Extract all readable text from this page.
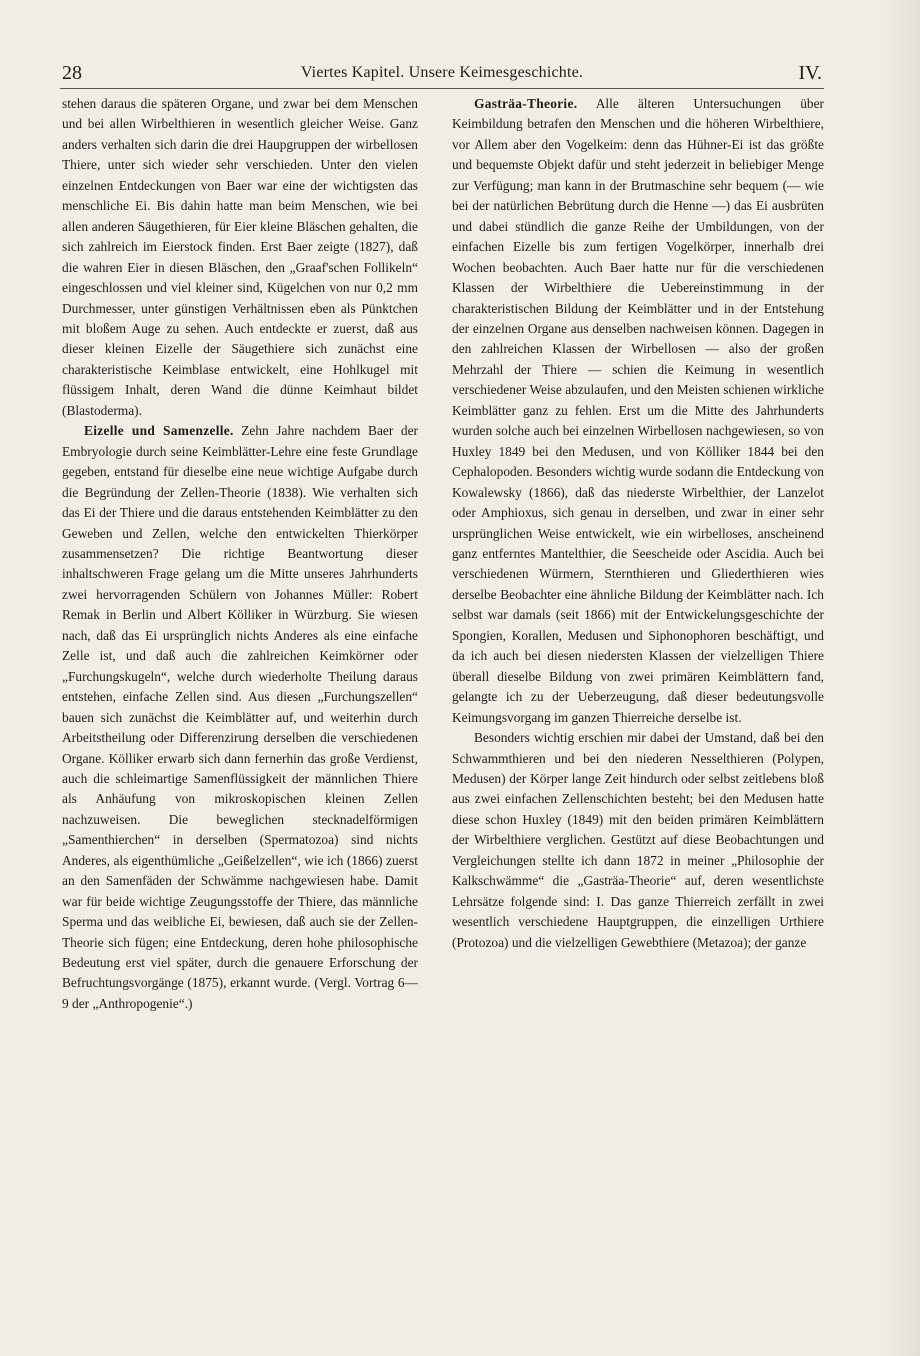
28	Viertes Kapitel. Unsere Keimesgeschichte.	IV.

stehen daraus die späteren Organe, und zwar bei dem Menschen und bei allen Wirbelthieren in wesentlich gleicher Weise. Ganz anders verhalten sich darin die drei Haupgruppen der wirbellosen Thiere, unter sich wieder sehr verschieden. Unter den vielen einzelnen Entdeckungen von Baer war eine der wichtigsten das menschliche Ei. Bis dahin hatte man beim Menschen, wie bei allen anderen Säugethieren, für Eier kleine Bläschen gehalten, die sich zahlreich im Eierstock finden. Erst Baer zeigte (1827), daß die wahren Eier in diesen Bläschen, den „Graaf'schen Follikeln“ eingeschlossen und viel kleiner sind, Kügelchen von nur 0,2 mm Durchmesser, unter günstigen Verhältnissen eben als Pünktchen mit bloßem Auge zu sehen. Auch entdeckte er zuerst, daß aus dieser kleinen Eizelle der Säugethiere sich zunächst eine charakteristische Keimblase entwickelt, eine Hohlkugel mit flüssigem Inhalt, deren Wand die dünne Keimhaut bildet (Blastoderma).

Eizelle und Samenzelle. Zehn Jahre nachdem Baer der Embryologie durch seine Keimblätter-Lehre eine feste Grundlage gegeben, entstand für dieselbe eine neue wichtige Aufgabe durch die Begründung der Zellen-Theorie (1838). Wie verhalten sich das Ei der Thiere und die daraus entstehenden Keimblätter zu den Geweben und Zellen, welche den entwickelten Thierkörper zusammensetzen? Die richtige Beantwortung dieser inhaltschweren Frage gelang um die Mitte unseres Jahrhunderts zwei hervorragenden Schülern von Johannes Müller: Robert Remak in Berlin und Albert Kölliker in Würzburg. Sie wiesen nach, daß das Ei ursprünglich nichts Anderes als eine einfache Zelle ist, und daß auch die zahlreichen Keimkörner oder „Furchungskugeln“, welche durch wiederholte Theilung daraus entstehen, einfache Zellen sind. Aus diesen „Furchungszellen“ bauen sich zunächst die Keimblätter auf, und weiterhin durch Arbeitstheilung oder Differenzirung derselben die verschiedenen Organe. Kölliker erwarb sich dann fernerhin das große Verdienst, auch die schleimartige Samenflüssigkeit der männlichen Thiere als Anhäufung von mikroskopischen kleinen Zellen nachzuweisen. Die beweglichen stecknadelförmigen „Samenthierchen“ in derselben (Spermatozoa) sind nichts Anderes, als eigenthümliche „Geißelzellen“, wie ich (1866) zuerst an den Samenfäden der Schwämme nachgewiesen habe. Damit war für beide wichtige Zeugungsstoffe der Thiere, das männliche Sperma und das weibliche Ei, bewiesen, daß auch sie der Zellen-Theorie sich fügen; eine Entdeckung, deren hohe philosophische Bedeutung erst viel später, durch die genauere Erforschung der Befruchtungsvorgänge (1875), erkannt wurde. (Vergl. Vortrag 6—9 der „Anthropogenie“.)

Gasträa-Theorie. Alle älteren Untersuchungen über Keimbildung betrafen den Menschen und die höheren Wirbelthiere, vor Allem aber den Vogelkeim: denn das Hühner-Ei ist das größte und bequemste Objekt dafür und steht jederzeit in beliebiger Menge zur Verfügung; man kann in der Brutmaschine sehr bequem (— wie bei der natürlichen Bebrütung durch die Henne —) das Ei ausbrüten und dabei stündlich die ganze Reihe der Umbildungen, von der einfachen Eizelle bis zum fertigen Vogelkörper, innerhalb drei Wochen beobachten. Auch Baer hatte nur für die verschiedenen Klassen der Wirbelthiere die Uebereinstimmung in der charakteristischen Bildung der Keimblätter und in der Entstehung der einzelnen Organe aus denselben nachweisen können. Dagegen in den zahlreichen Klassen der Wirbellosen — also der großen Mehrzahl der Thiere — schien die Keimung in wesentlich verschiedener Weise abzulaufen, und den Meisten schienen wirkliche Keimblätter ganz zu fehlen. Erst um die Mitte des Jahrhunderts wurden solche auch bei einzelnen Wirbellosen nachgewiesen, so von Huxley 1849 bei den Medusen, und von Kölliker 1844 bei den Cephalopoden. Besonders wichtig wurde sodann die Entdeckung von Kowalewsky (1866), daß das niederste Wirbelthier, der Lanzelot oder Amphioxus, sich genau in derselben, und zwar in einer sehr ursprünglichen Weise entwickelt, wie ein wirbelloses, anscheinend ganz entferntes Mantelthier, die Seescheide oder Ascidia. Auch bei verschiedenen Würmern, Sternthieren und Gliederthieren wies derselbe Beobachter eine ähnliche Bildung der Keimblätter nach. Ich selbst war damals (seit 1866) mit der Entwickelungsgeschichte der Spongien, Korallen, Medusen und Siphonophoren beschäftigt, und da ich auch bei diesen niedersten Klassen der vielzelligen Thiere überall dieselbe Bildung von zwei primären Keimblättern fand, gelangte ich zu der Ueberzeugung, daß dieser bedeutungsvolle Keimungsvorgang im ganzen Thierreiche derselbe ist.

Besonders wichtig erschien mir dabei der Umstand, daß bei den Schwammthieren und bei den niederen Nesselthieren (Polypen, Medusen) der Körper lange Zeit hindurch oder selbst zeitlebens bloß aus zwei einfachen Zellenschichten besteht; bei den Medusen hatte diese schon Huxley (1849) mit den beiden primären Keimblättern der Wirbelthiere verglichen. Gestützt auf diese Beobachtungen und Vergleichungen stellte ich dann 1872 in meiner „Philosophie der Kalkschwämme“ die „Gasträa-Theorie“ auf, deren wesentlichste Lehrsätze folgende sind: I. Das ganze Thierreich zerfällt in zwei wesentlich verschiedene Hauptgruppen, die einzelligen Urthiere (Protozoa) und die vielzelligen Gewebthiere (Metazoa); der ganze
